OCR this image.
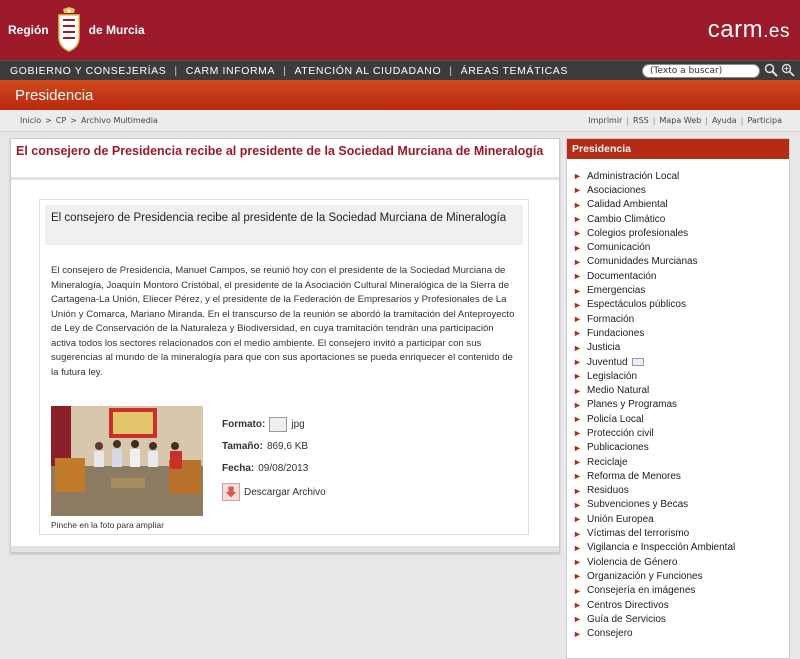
Región	de Murcia	carm.es
GOBIERNO Y CONSEJERÍAS | CARM INFORMA | ATENCIÓN AL CIUDADANO | ÁREAS TEMÁTICAS	(Texto a buscar)
Presidencia
Inicio > CP > Archivo Multimedia	Imprimir | RSS | Mapa Web | Ayuda | Participa
El consejero de Presidencia recibe al presidente de la Sociedad Murciana de Mineralogía
El consejero de Presidencia recibe al presidente de la Sociedad Murciana de Mineralogía
El consejero de Presidencia, Manuel Campos, se reunió hoy con el presidente de la Sociedad Murciana de Mineralogía, Joaquín Montoro Cristóbal, el presidente de la Asociación Cultural Mineralógica de la Sierra de Cartagena-La Unión, Eliecer Pérez, y el presidente de la Federación de Empresarios y Profesionales de La Unión y Comarca, Mariano Miranda. En el transcurso de la reunión se abordó la tramitación del Anteproyecto de Ley de Conservación de la Naturaleza y Biodiversidad, en cuya tramitación tendrán una participación activa todos los sectores relacionados con el medio ambiente. El consejero invitó a participar con sus sugerencias al mundo de la mineralogía para que con sus aportaciones se pueda enriquecer el contenido de la futura ley.
Pinche en la foto para ampliar
Formato:	jpg
Tamaño: 869,6 KB
Fecha: 09/08/2013
Descargar Archivo
Presidencia
► Administración Local
► Asociaciones
► Calidad Ambiental
► Cambio Climático
► Colegios profesionales
► Comunicación
► Comunidades Murcianas
► Documentación
► Emergencias
► Espectáculos públicos
► Formación
► Fundaciones
► Justicia
► Juventud
► Legislación
► Medio Natural
► Planes y Programas
► Policía Local
► Protección civil
► Publicaciones
► Reciclaje
► Reforma de Menores
► Residuos
► Subvenciones y Becas
► Unión Europea
► Víctimas del terrorismo
► Vigilancia e Inspección Ambiental
► Violencia de Género
► Organización y Funciones
► Consejería en imágenes
► Centros Directivos
► Guía de Servicios
► Consejero
